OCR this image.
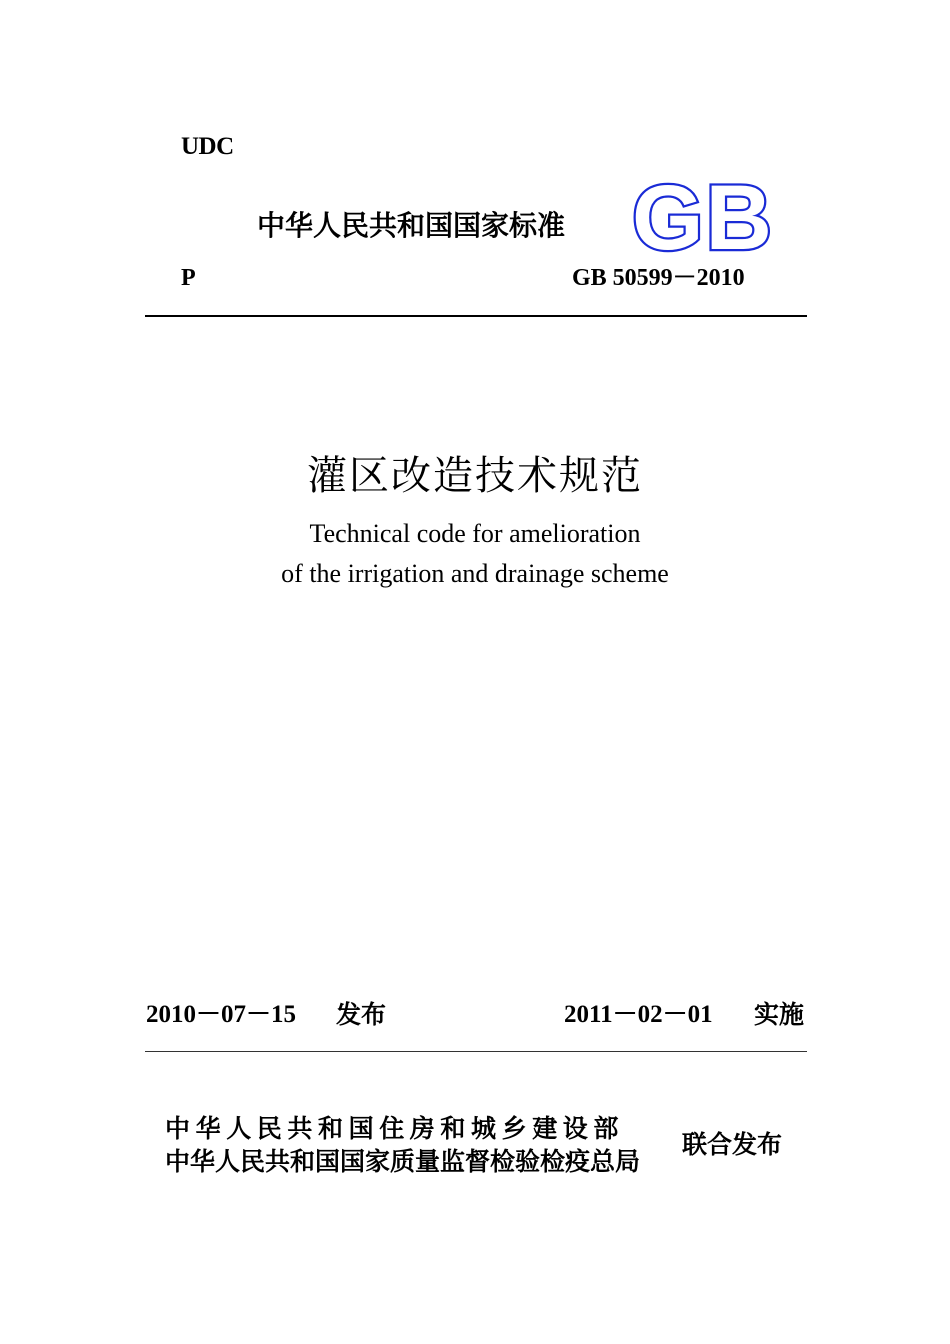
UDC
中华人民共和国国家标准 GB
P	GB 50599－2010
灌区改造技术规范
Technical code for amelioration
of the irrigation and drainage scheme
2010－07－15 发布	2011－02－01 实施
中华人民共和国住房和城乡建设部
中华人民共和国国家质量监督检验检疫总局
联合发布
